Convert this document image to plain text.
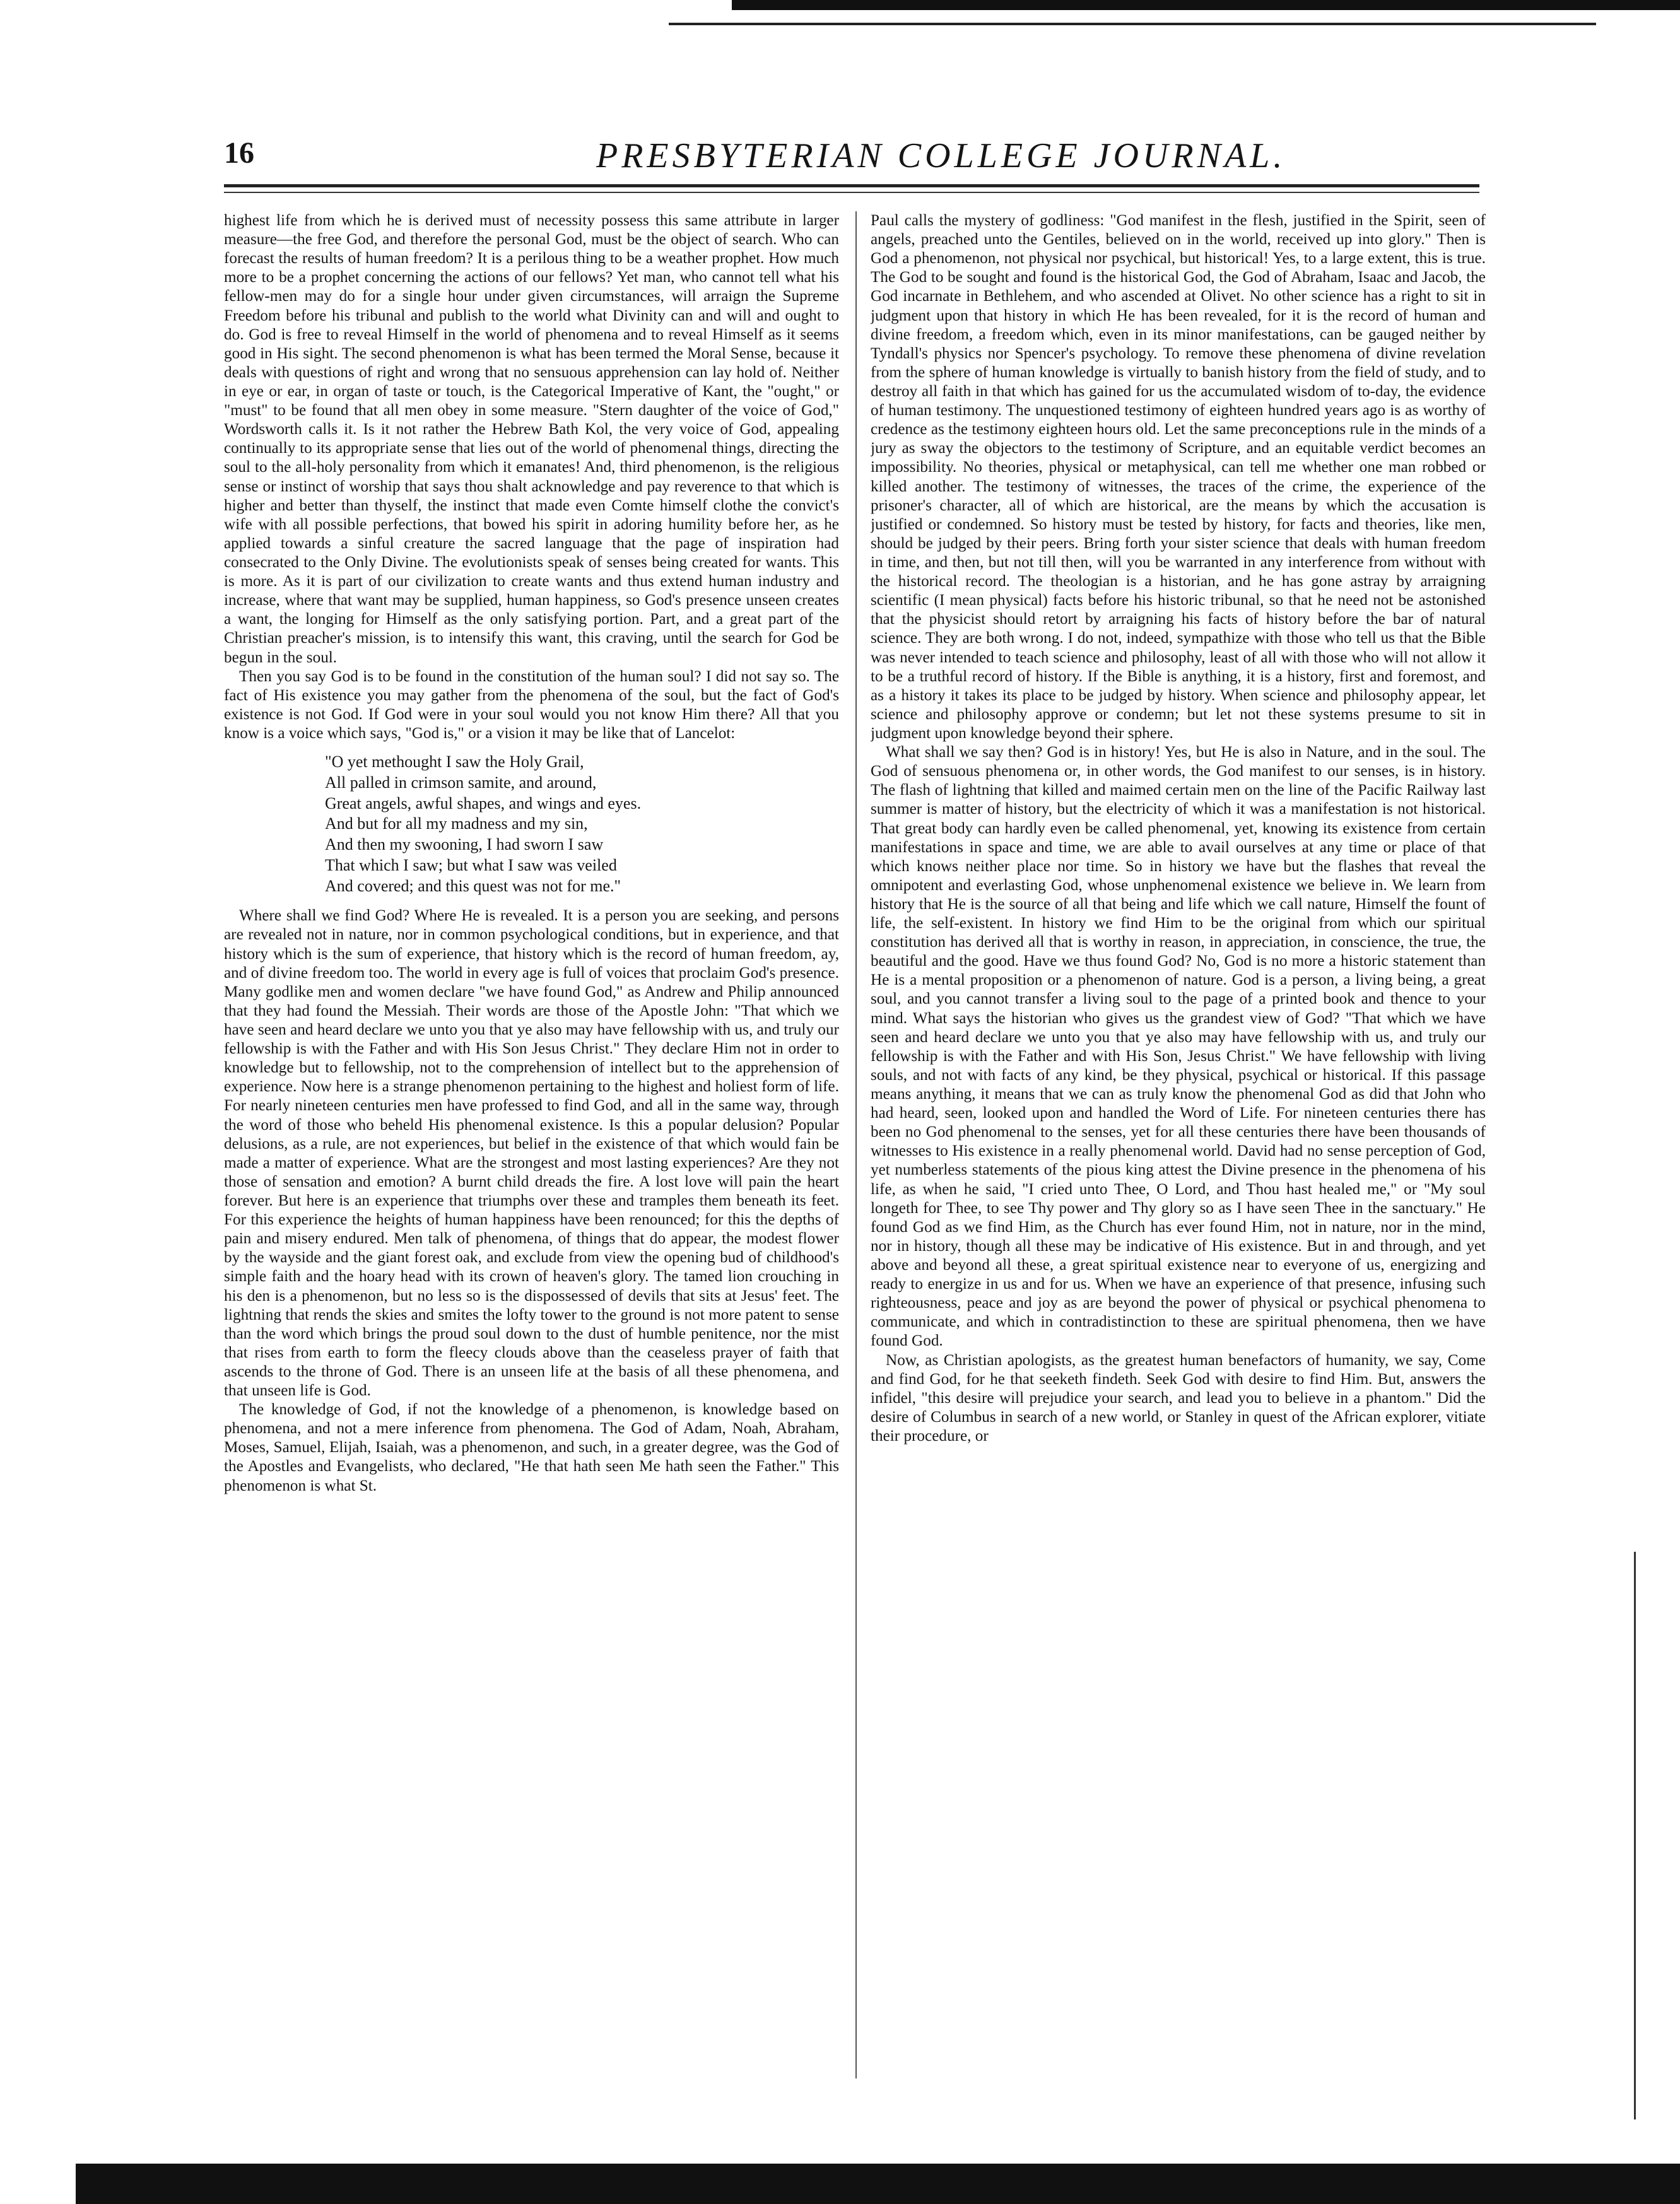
16	PRESBYTERIAN COLLEGE JOURNAL.

highest life from which he is derived must of necessity possess this same attribute in larger measure—the free God, and therefore the personal God, must be the object of search. Who can forecast the results of human freedom? It is a perilous thing to be a weather prophet. How much more to be a prophet concerning the actions of our fellows? Yet man, who cannot tell what his fellow-men may do for a single hour under given circumstances, will arraign the Supreme Freedom before his tribunal and publish to the world what Divinity can and will and ought to do. God is free to reveal Himself in the world of phenomena and to reveal Himself as it seems good in His sight. The second phenomenon is what has been termed the Moral Sense, because it deals with questions of right and wrong that no sensuous apprehension can lay hold of. Neither in eye or ear, in organ of taste or touch, is the Categorical Imperative of Kant, the "ought," or "must" to be found that all men obey in some measure. "Stern daughter of the voice of God," Wordsworth calls it. Is it not rather the Hebrew Bath Kol, the very voice of God, appealing continually to its appropriate sense that lies out of the world of phenomenal things, directing the soul to the all-holy personality from which it emanates! And, third phenomenon, is the religious sense or instinct of worship that says thou shalt acknowledge and pay reverence to that which is higher and better than thyself, the instinct that made even Comte himself clothe the convict's wife with all possible perfections, that bowed his spirit in adoring humility before her, as he applied towards a sinful creature the sacred language that the page of inspiration had consecrated to the Only Divine. The evolutionists speak of senses being created for wants. This is more. As it is part of our civilization to create wants and thus extend human industry and increase, where that want may be supplied, human happiness, so God's presence unseen creates a want, the longing for Himself as the only satisfying portion. Part, and a great part of the Christian preacher's mission, is to intensify this want, this craving, until the search for God be begun in the soul.

Then you say God is to be found in the constitution of the human soul? I did not say so. The fact of His existence you may gather from the phenomena of the soul, but the fact of God's existence is not God. If God were in your soul would you not know Him there? All that you know is a voice which says, "God is," or a vision it may be like that of Lancelot:

"O yet methought I saw the Holy Grail,
All palled in crimson samite, and around,
Great angels, awful shapes, and wings and eyes.
And but for all my madness and my sin,
And then my swooning, I had sworn I saw
That which I saw; but what I saw was veiled
And covered; and this quest was not for me."

Where shall we find God? Where He is revealed. It is a person you are seeking, and persons are revealed not in nature, nor in common psychological conditions, but in experience, and that history which is the sum of experience, that history which is the record of human freedom, ay, and of divine freedom too. The world in every age is full of voices that proclaim God's presence. Many godlike men and women declare "we have found God," as Andrew and Philip announced that they had found the Messiah. Their words are those of the Apostle John: "That which we have seen and heard declare we unto you that ye also may have fellowship with us, and truly our fellowship is with the Father and with His Son Jesus Christ." They declare Him not in order to knowledge but to fellowship, not to the comprehension of intellect but to the apprehension of experience. Now here is a strange phenomenon pertaining to the highest and holiest form of life. For nearly nineteen centuries men have professed to find God, and all in the same way, through the word of those who beheld His phenomenal existence. Is this a popular delusion? Popular delusions, as a rule, are not experiences, but belief in the existence of that which would fain be made a matter of experience. What are the strongest and most lasting experiences? Are they not those of sensation and emotion? A burnt child dreads the fire. A lost love will pain the heart forever. But here is an experience that triumphs over these and tramples them beneath its feet. For this experience the heights of human happiness have been renounced; for this the depths of pain and misery endured. Men talk of phenomena, of things that do appear, the modest flower by the wayside and the giant forest oak, and exclude from view the opening bud of childhood's simple faith and the hoary head with its crown of heaven's glory. The tamed lion crouching in his den is a phenomenon, but no less so is the dispossessed of devils that sits at Jesus' feet. The lightning that rends the skies and smites the lofty tower to the ground is not more patent to sense than the word which brings the proud soul down to the dust of humble penitence, nor the mist that rises from earth to form the fleecy clouds above than the ceaseless prayer of faith that ascends to the throne of God. There is an unseen life at the basis of all these phenomena, and that unseen life is God.

The knowledge of God, if not the knowledge of a phenomenon, is knowledge based on phenomena, and not a mere inference from phenomena. The God of Adam, Noah, Abraham, Moses, Samuel, Elijah, Isaiah, was a phenomenon, and such, in a greater degree, was the God of the Apostles and Evangelists, who declared, "He that hath seen Me hath seen the Father." This phenomenon is what St.

Paul calls the mystery of godliness: "God manifest in the flesh, justified in the Spirit, seen of angels, preached unto the Gentiles, believed on in the world, received up into glory." Then is God a phenomenon, not physical nor psychical, but historical! Yes, to a large extent, this is true. The God to be sought and found is the historical God, the God of Abraham, Isaac and Jacob, the God incarnate in Bethlehem, and who ascended at Olivet. No other science has a right to sit in judgment upon that history in which He has been revealed, for it is the record of human and divine freedom, a freedom which, even in its minor manifestations, can be gauged neither by Tyndall's physics nor Spencer's psychology. To remove these phenomena of divine revelation from the sphere of human knowledge is virtually to banish history from the field of study, and to destroy all faith in that which has gained for us the accumulated wisdom of to-day, the evidence of human testimony. The unquestioned testimony of eighteen hundred years ago is as worthy of credence as the testimony eighteen hours old. Let the same preconceptions rule in the minds of a jury as sway the objectors to the testimony of Scripture, and an equitable verdict becomes an impossibility. No theories, physical or metaphysical, can tell me whether one man robbed or killed another. The testimony of witnesses, the traces of the crime, the experience of the prisoner's character, all of which are historical, are the means by which the accusation is justified or condemned. So history must be tested by history, for facts and theories, like men, should be judged by their peers. Bring forth your sister science that deals with human freedom in time, and then, but not till then, will you be warranted in any interference from without with the historical record. The theologian is a historian, and he has gone astray by arraigning scientific (I mean physical) facts before his historic tribunal, so that he need not be astonished that the physicist should retort by arraigning his facts of history before the bar of natural science. They are both wrong. I do not, indeed, sympathize with those who tell us that the Bible was never intended to teach science and philosophy, least of all with those who will not allow it to be a truthful record of history. If the Bible is anything, it is a history, first and foremost, and as a history it takes its place to be judged by history. When science and philosophy appear, let science and philosophy approve or condemn; but let not these systems presume to sit in judgment upon knowledge beyond their sphere.

What shall we say then? God is in history! Yes, but He is also in Nature, and in the soul. The God of sensuous phenomena or, in other words, the God manifest to our senses, is in history. The flash of lightning that killed and maimed certain men on the line of the Pacific Railway last summer is matter of history, but the electricity of which it was a manifestation is not historical. That great body can hardly even be called phenomenal, yet, knowing its existence from certain manifestations in space and time, we are able to avail ourselves at any time or place of that which knows neither place nor time. So in history we have but the flashes that reveal the omnipotent and everlasting God, whose unphenomenal existence we believe in. We learn from history that He is the source of all that being and life which we call nature, Himself the fount of life, the self-existent. In history we find Him to be the original from which our spiritual constitution has derived all that is worthy in reason, in appreciation, in conscience, the true, the beautiful and the good. Have we thus found God? No, God is no more a historic statement than He is a mental proposition or a phenomenon of nature. God is a person, a living being, a great soul, and you cannot transfer a living soul to the page of a printed book and thence to your mind. What says the historian who gives us the grandest view of God? "That which we have seen and heard declare we unto you that ye also may have fellowship with us, and truly our fellowship is with the Father and with His Son, Jesus Christ." We have fellowship with living souls, and not with facts of any kind, be they physical, psychical or historical. If this passage means anything, it means that we can as truly know the phenomenal God as did that John who had heard, seen, looked upon and handled the Word of Life. For nineteen centuries there has been no God phenomenal to the senses, yet for all these centuries there have been thousands of witnesses to His existence in a really phenomenal world. David had no sense perception of God, yet numberless statements of the pious king attest the Divine presence in the phenomena of his life, as when he said, "I cried unto Thee, O Lord, and Thou hast healed me," or "My soul longeth for Thee, to see Thy power and Thy glory so as I have seen Thee in the sanctuary." He found God as we find Him, as the Church has ever found Him, not in nature, nor in the mind, nor in history, though all these may be indicative of His existence. But in and through, and yet above and beyond all these, a great spiritual existence near to everyone of us, energizing and ready to energize in us and for us. When we have an experience of that presence, infusing such righteousness, peace and joy as are beyond the power of physical or psychical phenomena to communicate, and which in contradistinction to these are spiritual phenomena, then we have found God.

Now, as Christian apologists, as the greatest human benefactors of humanity, we say, Come and find God, for he that seeketh findeth. Seek God with desire to find Him. But, answers the infidel, "this desire will prejudice your search, and lead you to believe in a phantom." Did the desire of Columbus in search of a new world, or Stanley in quest of the African explorer, vitiate their procedure, or
